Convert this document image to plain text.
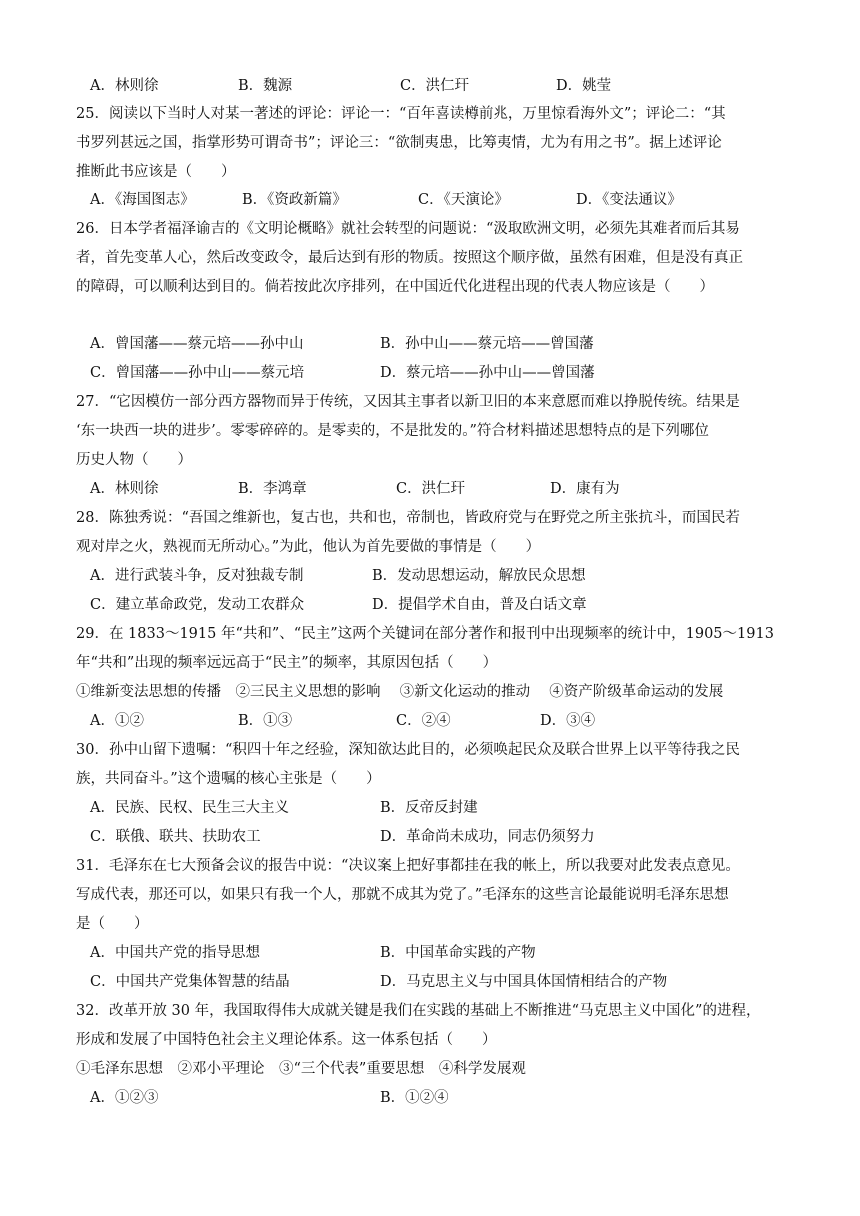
A．林则徐	B．魏源	C．洪仁玕	D．姚莹
25．阅读以下当时人对某一著述的评论：评论一：“百年喜读樽前兆，万里惊看海外文”；评论二：“其
书罗列甚远之国，指掌形势可谓奇书”；评论三：“欲制夷患，比筹夷情，尤为有用之书”。据上述评论
推断此书应该是（　　）
A．《海国图志》	B．《资政新篇》	C．《天演论》	D．《变法通议》
26．日本学者福泽谕吉的《文明论概略》就社会转型的问题说：“汲取欧洲文明，必须先其难者而后其易
者，首先变革人心，然后改变政令，最后达到有形的物质。按照这个顺序做，虽然有困难，但是没有真正
的障碍，可以顺利达到目的。倘若按此次序排列，在中国近代化进程出现的代表人物应该是（　　）
A．曾国藩——蔡元培——孙中山	B．孙中山——蔡元培——曾国藩
C．曾国藩——孙中山——蔡元培	D．蔡元培——孙中山——曾国藩
27．“它因模仿一部分西方器物而异于传统，又因其主事者以新卫旧的本来意愿而难以挣脱传统。结果是
‘东一块西一块的进步’。零零碎碎的。是零卖的，不是批发的。”符合材料描述思想特点的是下列哪位
历史人物（　　）
A．林则徐	B．李鸿章	C．洪仁玕	D．康有为
28．陈独秀说：“吾国之维新也，复古也，共和也，帝制也，皆政府党与在野党之所主张抗斗，而国民若
观对岸之火，熟视而无所动心。”为此，他认为首先要做的事情是（　　）
A．进行武装斗争，反对独裁专制	B．发动思想运动，解放民众思想
C．建立革命政党，发动工农群众	D．提倡学术自由，普及白话文章
29．在 1833～1915 年“共和”、“民主”这两个关键词在部分著作和报刊中出现频率的统计中，1905～1913
年“共和”出现的频率远远高于“民主”的频率，其原因包括（　　）
①维新变法思想的传播　②三民主义思想的影响　 ③新文化运动的推动　 ④资产阶级革命运动的发展
A．①②	B．①③	C．②④	D．③④
30．孙中山留下遗嘱：“积四十年之经验，深知欲达此目的，必须唤起民众及联合世界上以平等待我之民
族，共同奋斗。”这个遗嘱的核心主张是（　　）
A．民族、民权、民生三大主义	B．反帝反封建
C．联俄、联共、扶助农工	D．革命尚未成功，同志仍须努力
31．毛泽东在七大预备会议的报告中说：“决议案上把好事都挂在我的帐上，所以我要对此发表点意见。
写成代表，那还可以，如果只有我一个人，那就不成其为党了。”毛泽东的这些言论最能说明毛泽东思想
是（　　）
A．中国共产党的指导思想	B．中国革命实践的产物
C．中国共产党集体智慧的结晶	D．马克思主义与中国具体国情相结合的产物
32．改革开放 30 年，我国取得伟大成就关键是我们在实践的基础上不断推进“马克思主义中国化”的进程，
形成和发展了中国特色社会主义理论体系。这一体系包括（　　）
①毛泽东思想　②邓小平理论　③“三个代表”重要思想　④科学发展观
A．①②③	B．①②④
